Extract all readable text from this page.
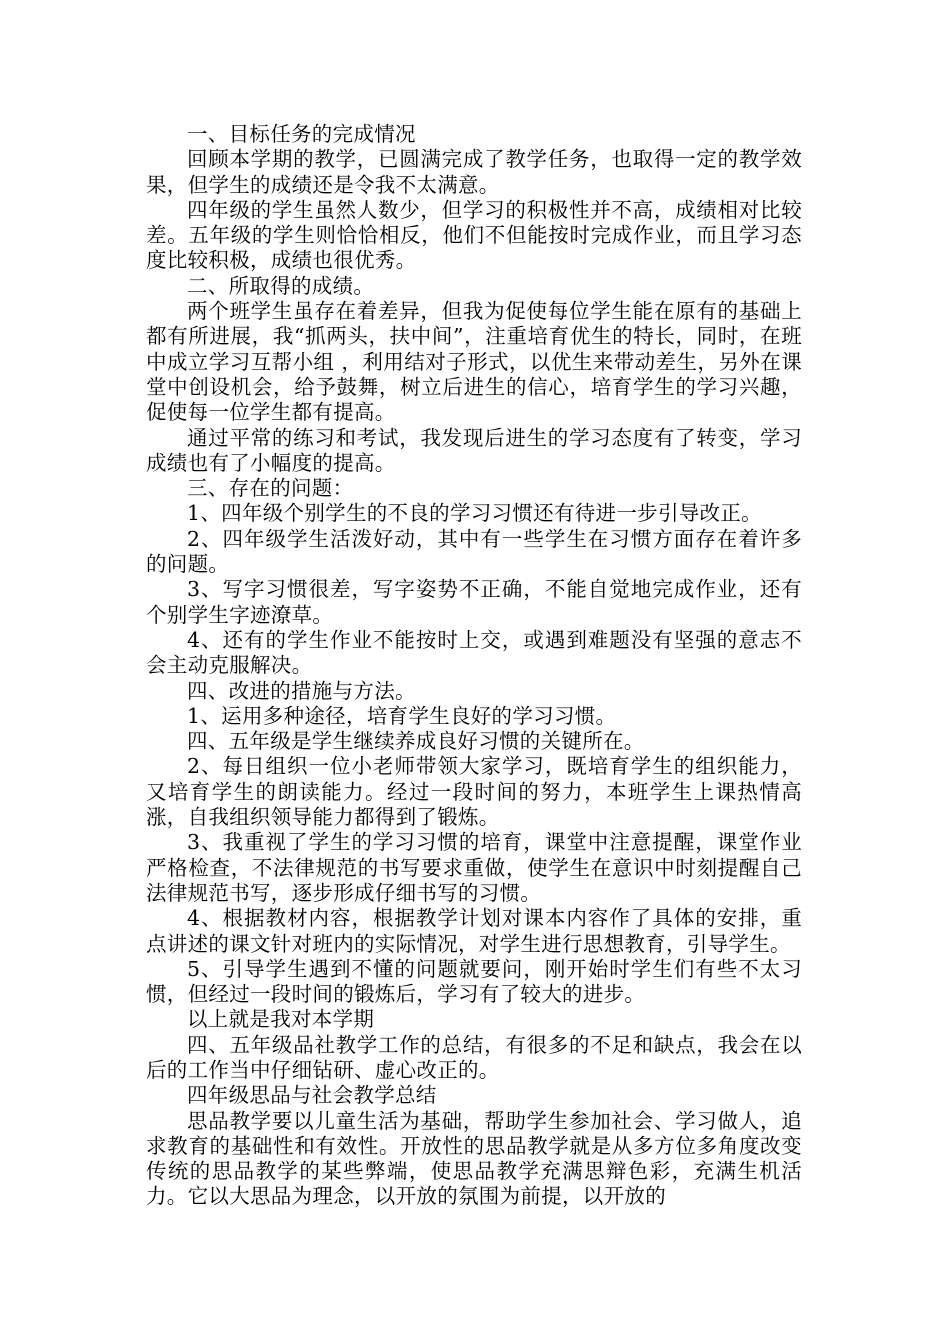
一、目标任务的完成情况

回顾本学期的教学，已圆满完成了教学任务，也取得一定的教学效果，但学生的成绩还是令我不太满意。

四年级的学生虽然人数少，但学习的积极性并不高，成绩相对比较差。五年级的学生则恰恰相反，他们不但能按时完成作业，而且学习态度比较积极，成绩也很优秀。

二、所取得的成绩。

两个班学生虽存在着差异，但我为促使每位学生能在原有的基础上都有所进展，我“抓两头，扶中间”，注重培育优生的特长，同时，在班中成立学习互帮小组 ，利用结对子形式，以优生来带动差生，另外在课堂中创设机会，给予鼓舞，树立后进生的信心，培育学生的学习兴趣，促使每一位学生都有提高。

通过平常的练习和考试，我发现后进生的学习态度有了转变，学习成绩也有了小幅度的提高。

三、存在的问题：

1、四年级个别学生的不良的学习习惯还有待进一步引导改正。

2、四年级学生活泼好动，其中有一些学生在习惯方面存在着许多的问题。

3、写字习惯很差，写字姿势不正确，不能自觉地完成作业，还有个别学生字迹潦草。

4、还有的学生作业不能按时上交，或遇到难题没有坚强的意志不会主动克服解决。

四、改进的措施与方法。

1、运用多种途径，培育学生良好的学习习惯。

四、五年级是学生继续养成良好习惯的关键所在。

2、每日组织一位小老师带领大家学习，既培育学生的组织能力，又培育学生的朗读能力。经过一段时间的努力，本班学生上课热情高涨，自我组织领导能力都得到了锻炼。

3、我重视了学生的学习习惯的培育，课堂中注意提醒，课堂作业严格检查，不法律规范的书写要求重做，使学生在意识中时刻提醒自己法律规范书写，逐步形成仔细书写的习惯。

4、根据教材内容，根据教学计划对课本内容作了具体的安排，重点讲述的课文针对班内的实际情况，对学生进行思想教育，引导学生。

5、引导学生遇到不懂的问题就要问，刚开始时学生们有些不太习惯，但经过一段时间的锻炼后，学习有了较大的进步。

以上就是我对本学期

四、五年级品社教学工作的总结，有很多的不足和缺点，我会在以后的工作当中仔细钻研、虚心改正的。

四年级思品与社会教学总结

思品教学要以儿童生活为基础，帮助学生参加社会、学习做人，追求教育的基础性和有效性。开放性的思品教学就是从多方位多角度改变传统的思品教学的某些弊端，使思品教学充满思辩色彩，充满生机活力。它以大思品为理念，以开放的氛围为前提，以开放的
